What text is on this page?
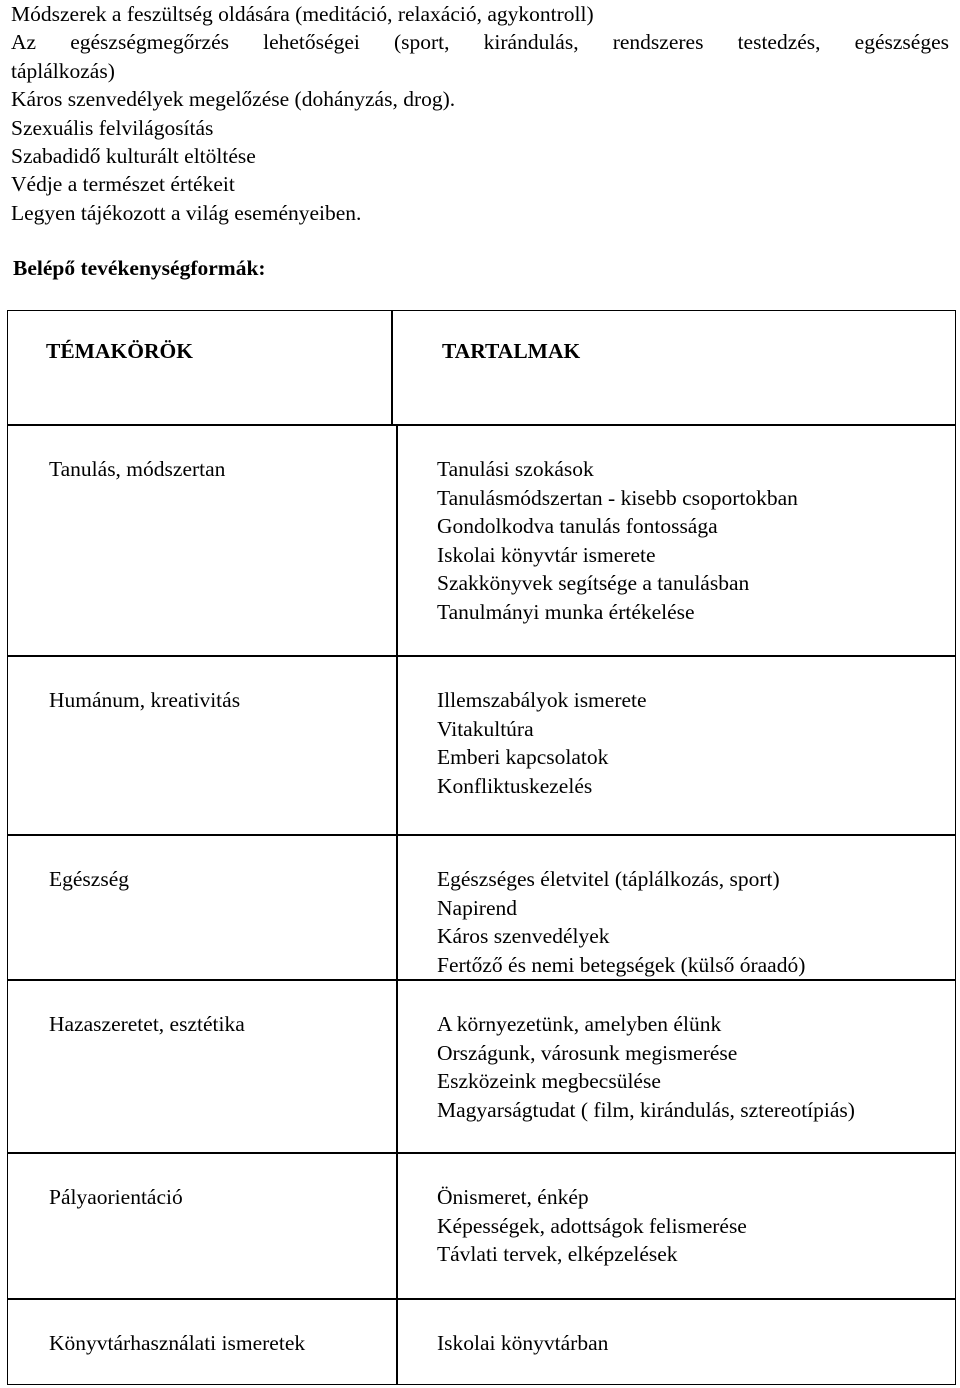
Módszerek a feszültség oldására (meditáció, relaxáció, agykontroll)
Az egészségmegőrzés lehetőségei (sport, kirándulás, rendszeres testedzés, egészséges
táplálkozás)
Káros szenvedélyek megelőzése (dohányzás, drog).
Szexuális felvilágosítás
Szabadidő kulturált eltöltése
Védje a természet értékeit
Legyen tájékozott a világ eseményeiben.
Belépő tevékenységformák:
TÉMAKÖRÖK	TARTALMAK
Tanulás, módszertan	Tanulási szokások
Tanulásmódszertan - kisebb csoportokban
Gondolkodva tanulás fontossága
Iskolai könyvtár ismerete
Szakkönyvek segítsége a tanulásban
Tanulmányi munka értékelése
Humánum, kreativitás	Illemszabályok ismerete
Vitakultúra
Emberi kapcsolatok
Konfliktuskezelés
Egészség	Egészséges életvitel (táplálkozás, sport)
Napirend
Káros szenvedélyek
Fertőző és nemi betegségek (külső óraadó)
Hazaszeretet, esztétika	A környezetünk, amelyben élünk
Országunk, városunk megismerése
Eszközeink megbecsülése
Magyarságtudat ( film, kirándulás, sztereotípiás)
Pályaorientáció	Önismeret, énkép
Képességek, adottságok felismerése
Távlati tervek, elképzelések
Könyvtárhasználati ismeretek	Iskolai könyvtárban
